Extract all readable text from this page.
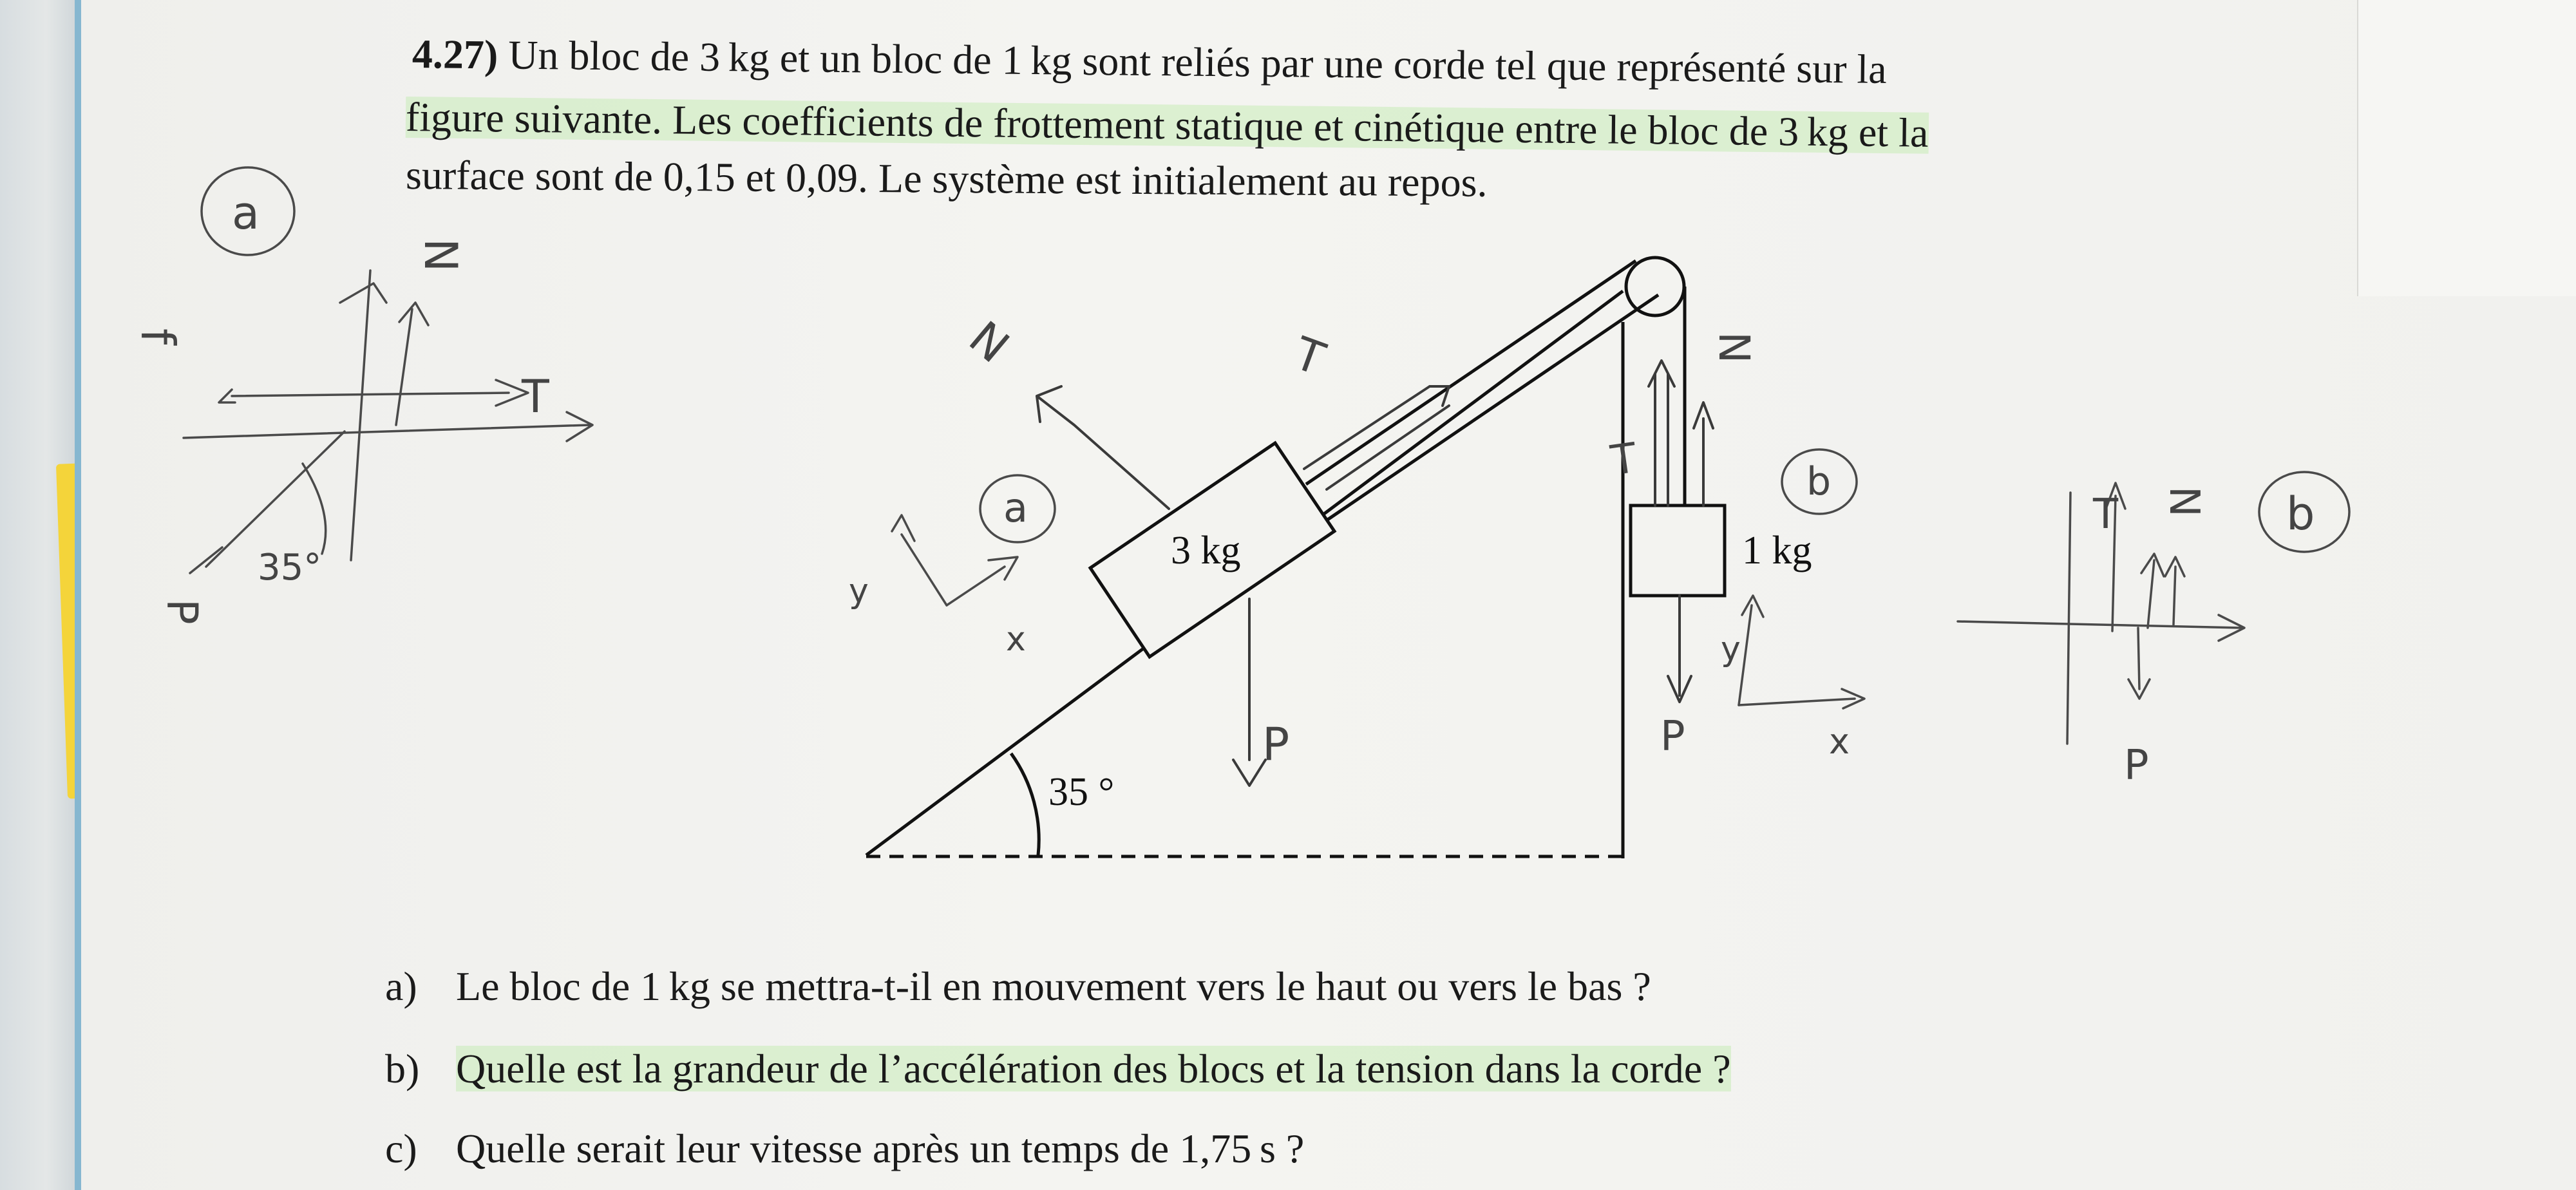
4.27) Un bloc de 3 kg et un bloc de 1 kg sont reliés par une corde tel que représenté sur la
figure suivante. Les coefficients de frottement statique et cinétique entre le bloc de 3 kg et la
surface sont de 0,15 et 0,09. Le système est initialement au repos.
3 kg	1 kg
35 °
N	T
P
y
x
a
T
N
P
y
x
b
a
N
T
f
P
35°
b
T N
P
a) Le bloc de 1 kg se mettra-t-il en mouvement vers le haut ou vers le bas ?
b) Quelle est la grandeur de l’accélération des blocs et la tension dans la corde ?
c) Quelle serait leur vitesse après un temps de 1,75 s ?
